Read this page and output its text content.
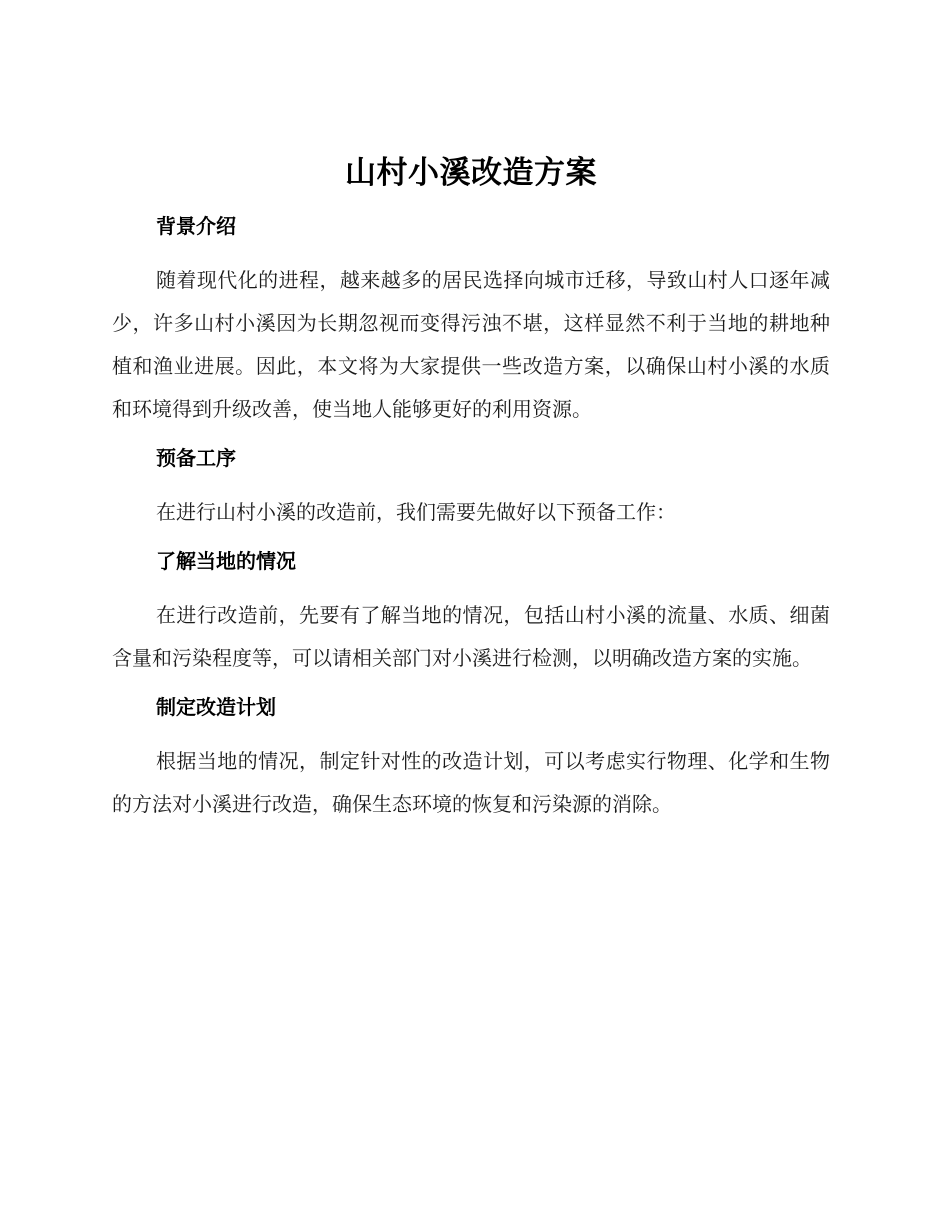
山村小溪改造方案
背景介绍

随着现代化的进程，越来越多的居民选择向城市迁移，导致山村人口逐年减少，许多山村小溪因为长期忽视而变得污浊不堪，这样显然不利于当地的耕地种植和渔业进展。因此，本文将为大家提供一些改造方案，以确保山村小溪的水质和环境得到升级改善，使当地人能够更好的利用资源。

预备工序

在进行山村小溪的改造前，我们需要先做好以下预备工作：

了解当地的情况

在进行改造前，先要有了解当地的情况，包括山村小溪的流量、水质、细菌含量和污染程度等，可以请相关部门对小溪进行检测，以明确改造方案的实施。

制定改造计划

根据当地的情况，制定针对性的改造计划，可以考虑实行物理、化学和生物的方法对小溪进行改造，确保生态环境的恢复和污染源的消除。
